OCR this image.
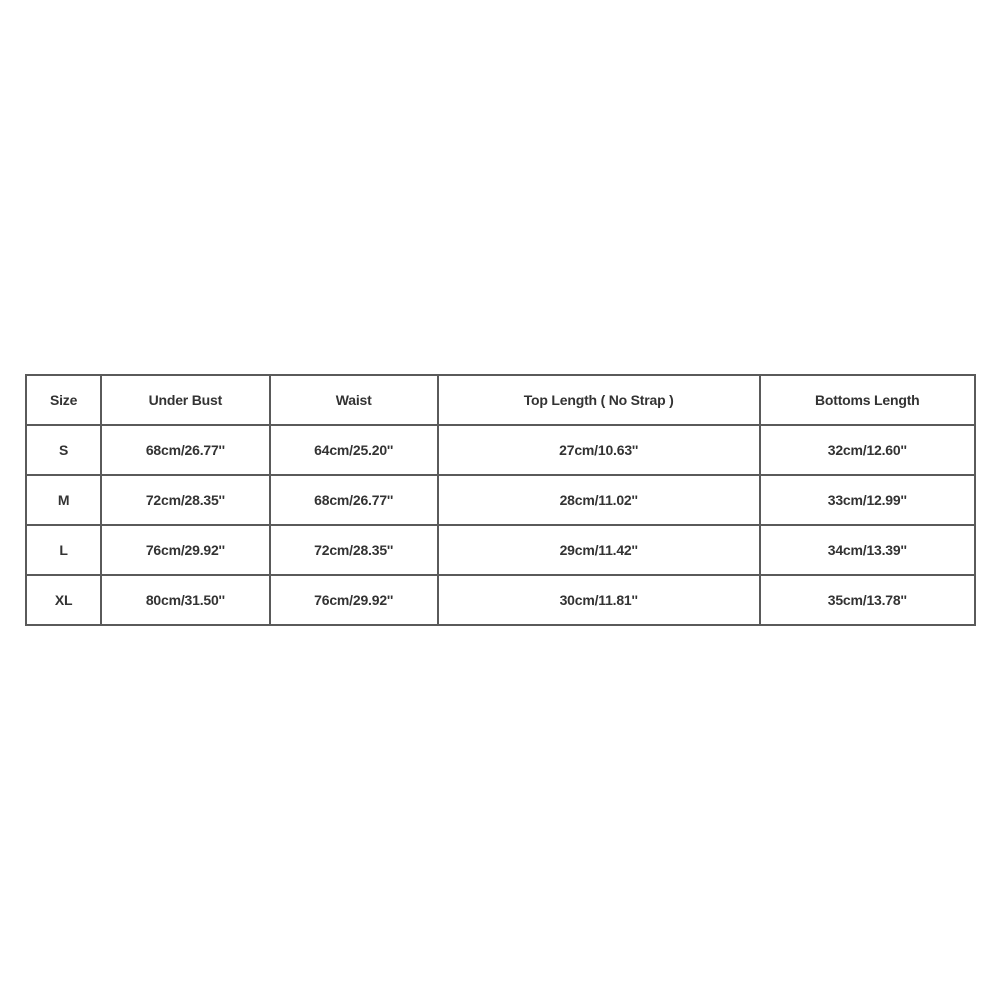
Size	Under Bust	Waist	Top Length ( No Strap )	Bottoms Length
S	68cm/26.77''	64cm/25.20''	27cm/10.63''	32cm/12.60''
M	72cm/28.35''	68cm/26.77''	28cm/11.02''	33cm/12.99''
L	76cm/29.92''	72cm/28.35''	29cm/11.42''	34cm/13.39''
XL	80cm/31.50''	76cm/29.92''	30cm/11.81''	35cm/13.78''
